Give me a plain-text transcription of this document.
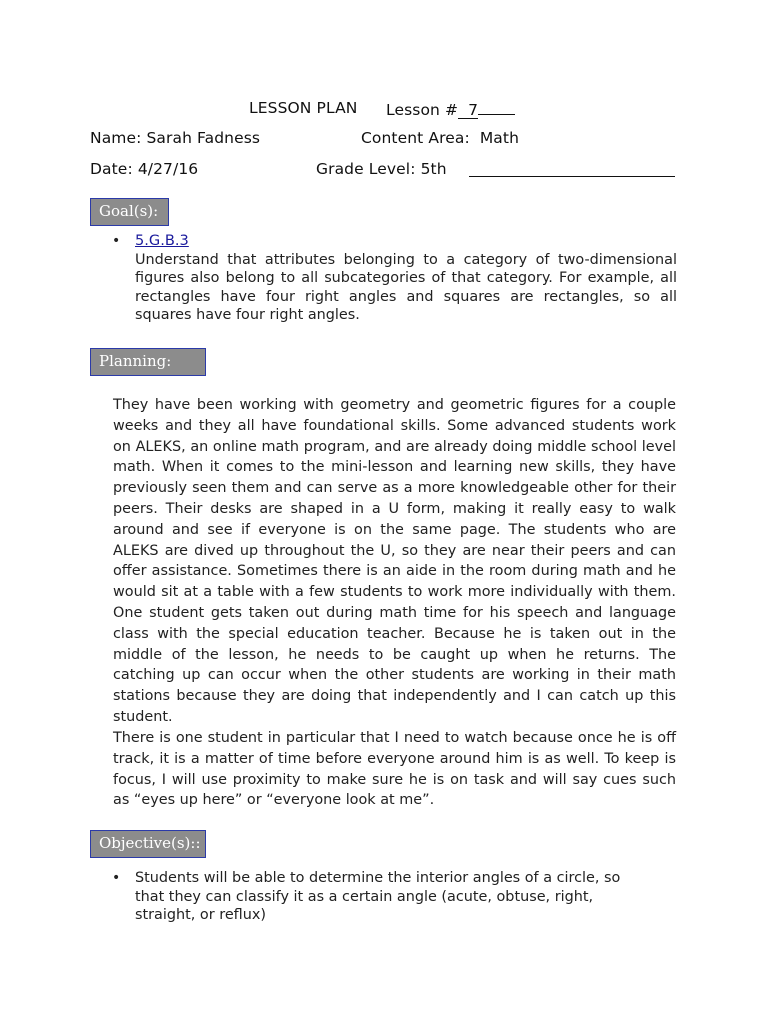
LESSON PLAN Lesson # 7
Name: Sarah Fadness	Content Area: Math
Date: 4/27/16	Grade Level: 5th
Goal(s):
• 5.G.B.3
Understand that attributes belonging to a category of two-dimensional figures also belong to all subcategories of that category. For example, all rectangles have four right angles and squares are rectangles, so all squares have four right angles.
Planning:

They have been working with geometry and geometric figures for a couple weeks and they all have foundational skills. Some advanced students work on ALEKS, an online math program, and are already doing middle school level math. When it comes to the mini-lesson and learning new skills, they have previously seen them and can serve as a more knowledgeable other for their peers. Their desks are shaped in a U form, making it really easy to walk around and see if everyone is on the same page. The students who are ALEKS are dived up throughout the U, so they are near their peers and can offer assistance. Sometimes there is an aide in the room during math and he would sit at a table with a few students to work more individually with them. One student gets taken out during math time for his speech and language class with the special education teacher. Because he is taken out in the middle of the lesson, he needs to be caught up when he returns. The catching up can occur when the other students are working in their math stations because they are doing that independently and I can catch up this student.

There is one student in particular that I need to watch because once he is off track, it is a matter of time before everyone around him is as well. To keep is focus, I will use proximity to make sure he is on task and will say cues such as “eyes up here” or “everyone look at me”.

Objective(s)::
• Students will be able to determine the interior angles of a circle, so that they can classify it as a certain angle (acute, obtuse, right, straight, or reflux)
